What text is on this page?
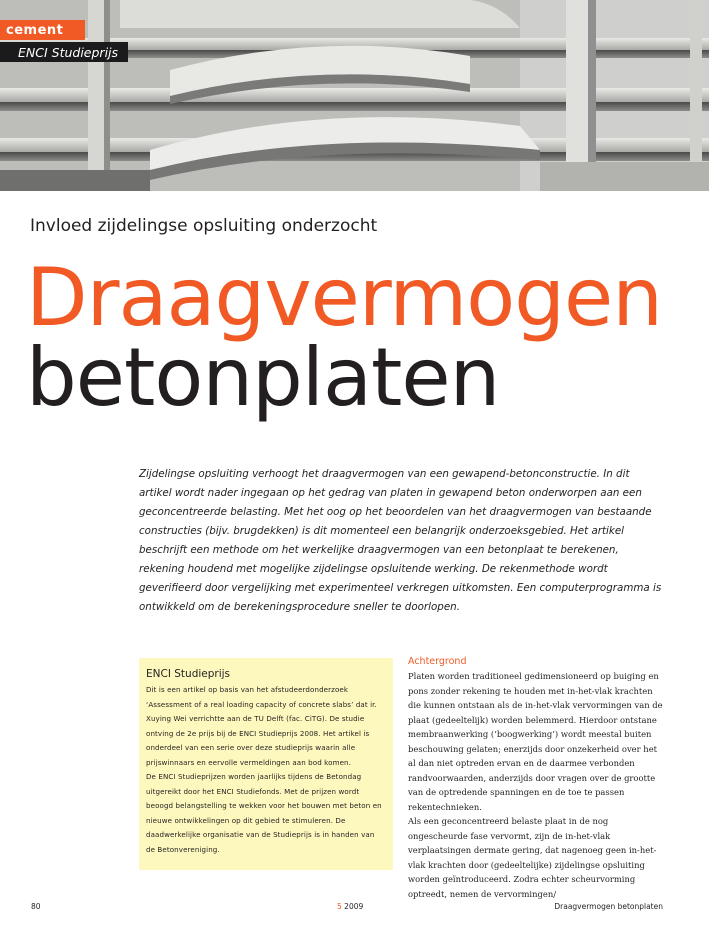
cement
ENCI Studieprijs
Invloed zijdelingse opsluiting onderzocht
Draagvermogen
betonplaten

Zijdelingse opsluiting verhoogt het draagvermogen van een gewapend-betonconstructie. In dit artikel wordt nader ingegaan op het gedrag van platen in gewapend beton onderworpen aan een geconcentreerde belasting. Met het oog op het beoordelen van het draagvermogen van bestaande constructies (bijv. brugdekken) is dit momenteel een belangrijk onderzoeksgebied. Het artikel beschrijft een methode om het werkelijke draagvermogen van een betonplaat te berekenen, rekening houdend met mogelijke zijdelingse opsluitende werking. De rekenmethode wordt geverifieerd door vergelijking met experimenteel verkregen uitkomsten. Een computerprogramma is ontwikkeld om de berekeningsprocedure sneller te doorlopen.

ENCI Studieprijs

Dit is een artikel op basis van het afstudeerdonderzoek ‘Assessment of a real loading capacity of concrete slabs’ dat ir. Xuying Wei verrichtte aan de TU Delft (fac. CiTG). De studie ontving de 2e prijs bij de ENCI Studieprijs 2008. Het artikel is onderdeel van een serie over deze studieprijs waarin alle prijswinnaars en eervolle vermeldingen aan bod komen.

De ENCI Studieprijzen worden jaarlijks tijdens de Betondag uitgereikt door het ENCI Studiefonds. Met de prijzen wordt beoogd belangstelling te wekken voor het bouwen met beton en nieuwe ontwikkelingen op dit gebied te stimuleren. De daadwerkelijke organisatie van de Studieprijs is in handen van de Betonvereniging.

Achtergrond

Platen worden traditioneel gedimensioneerd op buiging en pons zonder rekening te houden met in-het-vlak krachten die kunnen ontstaan als de in-het-vlak vervormingen van de plaat (gedeeltelijk) worden belemmerd. Hierdoor ontstane membraanwerking (‘boogwerking’) wordt meestal buiten beschouwing gelaten; enerzijds door onzekerheid over het al dan niet optreden ervan en de daarmee verbonden randvoorwaarden, anderzijds door vragen over de grootte van de optredende spanningen en de toe te passen rekentechnieken.

Als een geconcentreerd belaste plaat in de nog ongescheurde fase vervormt, zijn de in-het-vlak verplaatsingen dermate gering, dat nagenoeg geen in-het-vlak krachten door (gedeeltelijke) zijdelingse opsluiting worden geïntroduceerd. Zodra echter scheurvorming optreedt, nemen de vervormingen/

80	5 2009	Draagvermogen betonplaten
